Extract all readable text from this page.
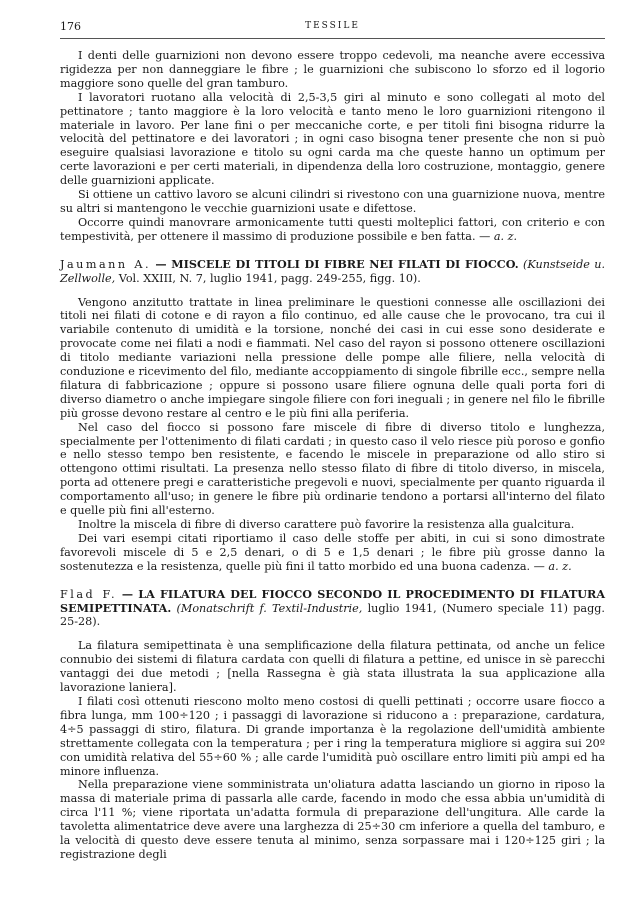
176	TESSILE

I denti delle guarnizioni non devono essere troppo cedevoli, ma neanche avere eccessiva rigidezza per non danneggiare le fibre ; le guarnizioni che subiscono lo sforzo ed il logorio maggiore sono quelle del gran tamburo.

I lavoratori ruotano alla velocità di 2,5-3,5 giri al minuto e sono collegati al moto del pettinatore ; tanto maggiore è la loro velocità e tanto meno le loro guarnizioni ritengono il materiale in lavoro. Per lane fini o per meccaniche corte, e per titoli fini bisogna ridurre la velocità del pettinatore e dei lavoratori ; in ogni caso bisogna tener presente che non si può eseguire qualsiasi lavorazione e titolo su ogni carda ma che queste hanno un optimum per certe lavorazioni e per certi materiali, in dipendenza della loro costruzione, montaggio, genere delle guarnizioni applicate.

Si ottiene un cattivo lavoro se alcuni cilindri si rivestono con una guarnizione nuova, mentre su altri si mantengono le vecchie guarnizioni usate e difettose.

Occorre quindi manovrare armonicamente tutti questi molteplici fattori, con criterio e con tempestività, per ottenere il massimo di produzione possibile e ben fatta. — a. z.

Jaumann A. — MISCELE DI TITOLI DI FIBRE NEI FILATI DI FIOCCO. (Kunstseide u. Zellwolle, Vol. XXIII, N. 7, luglio 1941, pagg. 249-255, figg. 10).

Vengono anzitutto trattate in linea preliminare le questioni connesse alle oscillazioni dei titoli nei filati di cotone e di rayon a filo continuo, ed alle cause che le provocano, tra cui il variabile contenuto di umidità e la torsione, nonché dei casi in cui esse sono desiderate e provocate come nei filati a nodi e fiammati. Nel caso del rayon si possono ottenere oscillazioni di titolo mediante variazioni nella pressione delle pompe alle filiere, nella velocità di conduzione e ricevimento del filo, mediante accoppiamento di singole fibrille ecc., sempre nella filatura di fabbricazione ; oppure si possono usare filiere ognuna delle quali porta fori di diverso diametro o anche impiegare singole filiere con fori ineguali ; in genere nel filo le fibrille più grosse devono restare al centro e le più fini alla periferia.

Nel caso del fiocco si possono fare miscele di fibre di diverso titolo e lunghezza, specialmente per l'ottenimento di filati cardati ; in questo caso il velo riesce più poroso e gonfio e nello stesso tempo ben resistente, e facendo le miscele in preparazione od allo stiro si ottengono ottimi risultati. La presenza nello stesso filato di fibre di titolo diverso, in miscela, porta ad ottenere pregi e caratteristiche pregevoli e nuovi, specialmente per quanto riguarda il comportamento all'uso; in genere le fibre più ordinarie tendono a portarsi all'interno del filato e quelle più fini all'esterno.

Inoltre la miscela di fibre di diverso carattere può favorire la resistenza alla gualcitura.

Dei vari esempi citati riportiamo il caso delle stoffe per abiti, in cui si sono dimostrate favorevoli miscele di 5 e 2,5 denari, o di 5 e 1,5 denari ; le fibre più grosse danno la sostenutezza e la resistenza, quelle più fini il tatto morbido ed una buona cadenza. — a. z.

Flad F. — LA FILATURA DEL FIOCCO SECONDO IL PROCEDIMENTO DI FILATURA SEMIPETTINATA. (Monatschrift f. Textil-Industrie, luglio 1941, (Numero speciale 11) pagg. 25-28).

La filatura semipettinata è una semplificazione della filatura pettinata, od anche un felice connubio dei sistemi di filatura cardata con quelli di filatura a pettine, ed unisce in sè parecchi vantaggi dei due metodi ; [nella Rassegna è già stata illustrata la sua applicazione alla lavorazione laniera].

I filati così ottenuti riescono molto meno costosi di quelli pettinati ; occorre usare fiocco a fibra lunga, mm 100÷120 ; i passaggi di lavorazione si riducono a : preparazione, cardatura, 4÷5 passaggi di stiro, filatura. Di grande importanza è la regolazione dell'umidità ambiente strettamente collegata con la temperatura ; per i ring la temperatura migliore si aggira sui 20º con umidità relativa del 55÷60 % ; alle carde l'umidità può oscillare entro limiti più ampi ed ha minore influenza.

Nella preparazione viene somministrata un'oliatura adatta lasciando un giorno in riposo la massa di materiale prima di passarla alle carde, facendo in modo che essa abbia un'umidità di circa l'11 %; viene riportata un'adatta formula di preparazione dell'ungitura. Alle carde la tavoletta alimentatrice deve avere una larghezza di 25÷30 cm inferiore a quella del tamburo, e la velocità di questo deve essere tenuta al minimo, senza sorpassare mai i 120÷125 giri ; la registrazione degli
